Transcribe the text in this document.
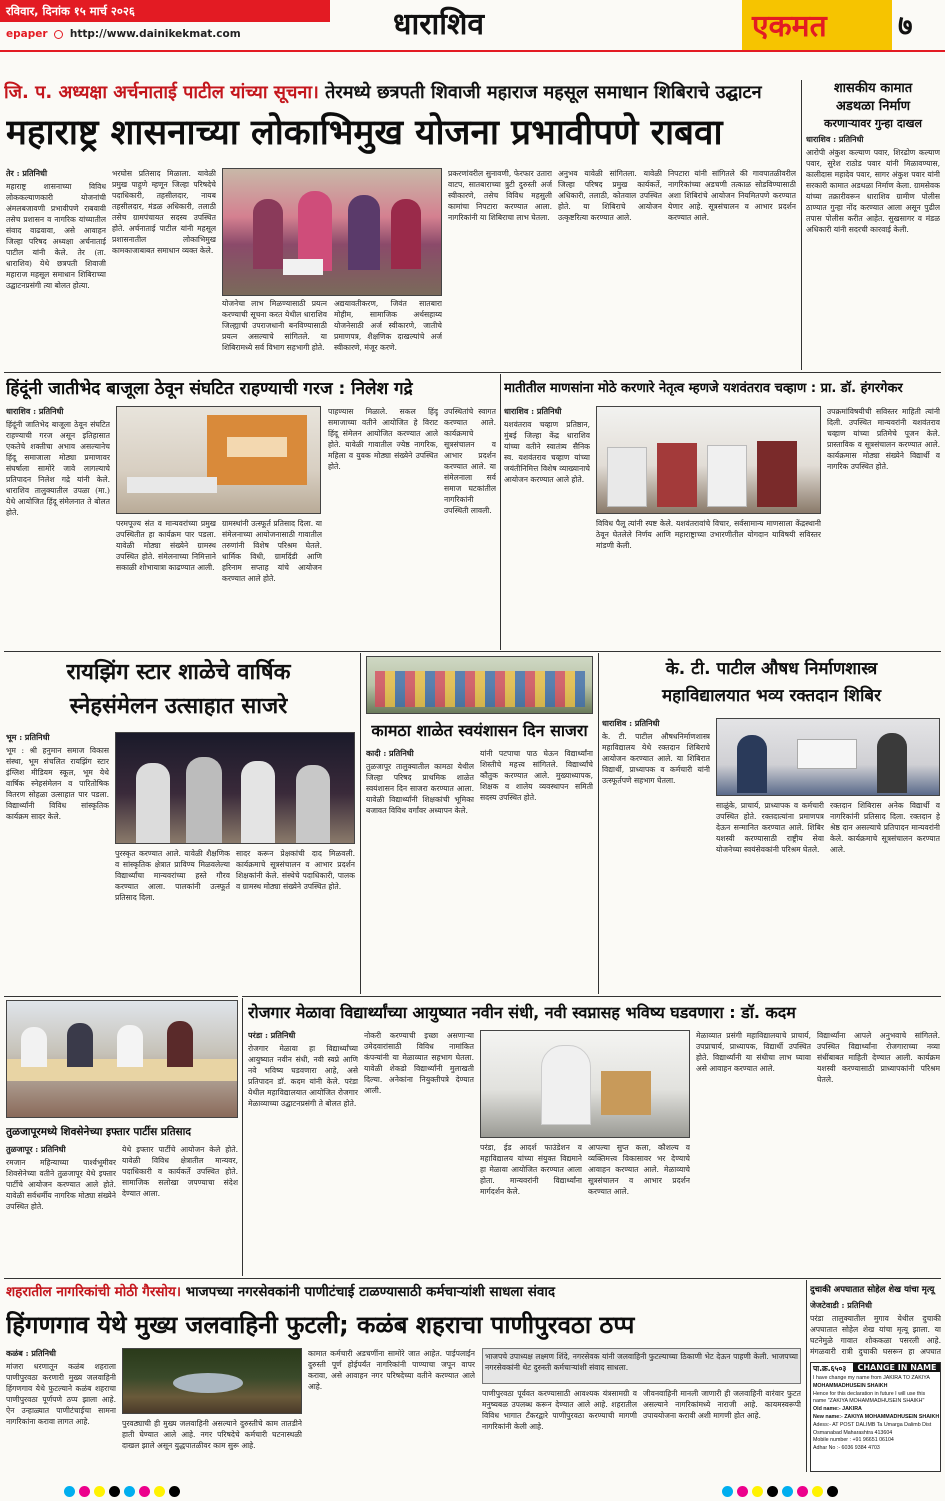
रविवार, दिनांक १५ मार्च २०२६
epaper http://www.dainikekmat.com	धाराशिव	एकमत	७
जि. प. अध्यक्षा अर्चनाताई पाटील यांच्या सूचना। तेरमध्ये छत्रपती शिवाजी महाराज महसूल समाधान शिबिराचे उद्घाटन
महाराष्ट्र शासनाच्या लोकाभिमुख योजना प्रभावीपणे राबवा
तेर : प्रतिनिधी
महाराष्ट्र शासनाच्या विविध लोककल्याणकारी योजनांची अंमलबजावणी प्रभावीपणे राबवावी तसेच प्रशासन व नागरिक यांच्यातील संवाद वाढवावा, असे आवाहन जिल्हा परिषद अध्यक्षा अर्चनाताई पाटील यांनी केले. तेर (ता. धाराशिव) येथे छत्रपती शिवाजी महाराज महसूल समाधान शिबिराच्या उद्घाटनप्रसंगी त्या बोलत होत्या.
भरघोस प्रतिसाद मिळाला. यावेळी प्रमुख पाहुणे म्हणून जिल्हा परिषदेचे पदाधिकारी, तहसीलदार, नायब तहसीलदार, मंडळ अधिकारी, तलाठी तसेच ग्रामपंचायत सदस्य उपस्थित होते. अर्चनाताई पाटील यांनी महसूल प्रशासनातील लोकाभिमुख कामकाजाबाबत समाधान व्यक्त केले.
योजनेचा लाभ मिळण्यासाठी प्रयत्न करण्याची सूचना करत येथील धाराशिव जिल्ह्याची उपराजधानी बनविण्यासाठी प्रयत्न असल्याचे सांगितले. या शिबिरामध्ये सर्व विभाग सहभागी होते.
अद्ययावतीकरण, जिवंत सातबारा मोहीम, सामाजिक अर्थसहाय्य योजनेसाठी अर्ज स्वीकारणे, जातीचे प्रमाणपत्र, शैक्षणिक दाखल्यांचे अर्ज स्वीकारणे, मंजूर करणे.
प्रकरणांवरील सुनावणी, फेरफार उतारा वाटप, सातबाराच्या त्रुटी दुरुस्ती अर्ज स्वीकारणे, तसेच विविध महसुली कामांचा निपटारा करण्यात आला. नागरिकांनी या शिबिराचा लाभ घेतला.
अनुभव यावेळी सांगितला. यावेळी जिल्हा परिषद प्रमुख कार्यकर्ते, अधिकारी, तलाठी, कोतवाल उपस्थित होते. या शिबिराचे आयोजन उत्कृष्टरित्या करण्यात आले.
निपटारा यांनी सांगितले की गावपातळीवरील नागरिकांच्या अडचणी तत्काळ सोडविण्यासाठी अशा शिबिरांचे आयोजन नियमितपणे करण्यात येणार आहे. सूत्रसंचालन व आभार प्रदर्शन करण्यात आले.
शासकीय कामात
अडथळा निर्माण
करणाऱ्यावर गुन्हा दाखल
धाराशिव : प्रतिनिधी
आरोपी अंकुश कल्याण पवार, शिरढोण कल्याण पवार, सुरेश राठोड पवार यांनी मिळावण्यास, कालीदास महादेव पवार, सागर अंकुश पवार यांनी सरकारी कामात अडथळा निर्माण केला. ग्रामसेवक यांच्या तक्रारीवरून धाराशिव ग्रामीण पोलीस ठाण्यात गुन्हा नोंद करण्यात आला असून पुढील तपास पोलीस करीत आहेत. सुखसागर व मंडळ अधिकारी यांनी सदरची कारवाई केली.
हिंदूंनी जातीभेद बाजूला ठेवून संघटित राहण्याची गरज : निलेश गद्रे
धाराशिव : प्रतिनिधी
हिंदूंनी जातिभेद बाजूला ठेवून संघटित राहण्याची गरज असून इतिहासात एकतेचे शक्तीचा अभाव असल्यानेच हिंदू समाजाला मोठ्या प्रमाणावर संघर्षाला सामोरे जावे लागल्याचे प्रतिपादन निलेश गद्रे यांनी केले. धाराशिव तालुक्यातील उपळा (मा.) येथे आयोजित हिंदू संमेलनात ते बोलत होते.
परमपूज्य संत व मान्यवरांच्या प्रमुख उपस्थितीत हा कार्यक्रम पार पडला. यावेळी मोठ्या संख्येने ग्रामस्थ उपस्थित होते. संमेलनाच्या निमित्ताने सकाळी शोभायात्रा काढण्यात आली.
ग्रामस्थांनी उत्स्फूर्त प्रतिसाद दिला. या संमेलनाच्या आयोजनासाठी गावातील तरुणांनी विशेष परिश्रम घेतले. धार्मिक विधी, ग्रामदिंडी आणि हरिनाम सप्ताह यांचे आयोजन करण्यात आले होते.
पाहण्यास मिळाले. सकल हिंदू समाजाच्या वतीने आयोजित हे विराट हिंदू संमेलन आयोजित करण्यात आले होते. यावेळी गावातील ज्येष्ठ नागरिक, महिला व युवक मोठ्या संख्येने उपस्थित होते.
उपस्थितांचे स्वागत करण्यात आले. कार्यक्रमाचे सूत्रसंचालन व आभार प्रदर्शन करण्यात आले. या संमेलनाला सर्व समाज घटकांतील नागरिकांनी उपस्थिती लावली.
मातीतील माणसांना मोठे करणारे नेतृत्व म्हणजे यशवंतराव चव्हाण : प्रा. डॉ. हंगरगेकर
धाराशिव : प्रतिनिधी
यशवंतराव चव्हाण प्रतिष्ठान, मुंबई जिल्हा केंद्र धाराशिव यांच्या वतीने स्वातंत्र्य सैनिक स्व. यशवंतराव चव्हाण यांच्या जयंतीनिमित्त विशेष व्याख्यानाचे आयोजन करण्यात आले होते.
विविध पैलू त्यांनी स्पष्ट केले. यशवंतरावांचे विचार, सर्वसामान्य माणसाला केंद्रस्थानी ठेवून घेतलेले निर्णय आणि महाराष्ट्राच्या उभारणीतील योगदान याविषयी सविस्तर मांडणी केली.
उपक्रमांविषयीची सविस्तर माहिती त्यांनी दिली. उपस्थित मान्यवरांनी यशवंतराव चव्हाण यांच्या प्रतिमेचे पूजन केले. प्रास्ताविक व सूत्रसंचालन करण्यात आले. कार्यक्रमास मोठ्या संख्येने विद्यार्थी व नागरिक उपस्थित होते.
रायझिंग स्टार शाळेचे वार्षिक
स्नेहसंमेलन उत्साहात साजरे
भूम : प्रतिनिधी
भूम : श्री हनुमान समाज विकास संस्था, भूम संचलित रायझिंग स्टार इंग्लिश मीडियम स्कूल, भूम येथे वार्षिक स्नेहसंमेलन व पारितोषिक वितरण सोहळा उत्साहात पार पडला. विद्यार्थ्यांनी विविध सांस्कृतिक कार्यक्रम सादर केले.
पुरस्कृत करण्यात आले. यावेळी शैक्षणिक व सांस्कृतिक क्षेत्रात प्राविण्य मिळवलेल्या विद्यार्थ्यांचा मान्यवरांच्या हस्ते गौरव करण्यात आला. पालकांनी उत्स्फूर्त प्रतिसाद दिला.
सादर करून प्रेक्षकांची दाद मिळवली. कार्यक्रमाचे सूत्रसंचालन व आभार प्रदर्शन शिक्षकांनी केले. संस्थेचे पदाधिकारी, पालक व ग्रामस्थ मोठ्या संख्येने उपस्थित होते.
कामठा शाळेत स्वयंशासन दिन साजरा
कादी : प्रतिनिधी
तुळजापूर तालुक्यातील कामठा येथील जिल्हा परिषद प्राथमिक शाळेत स्वयंशासन दिन साजरा करण्यात आला. यावेळी विद्यार्थ्यांनी शिक्षकांची भूमिका बजावत विविध वर्गांवर अध्यापन केले.
यांनी पटपाचा पाठ घेऊन विद्यार्थ्यांना शिस्तीचे महत्त्व सांगितले. विद्यार्थ्यांचे कौतुक करण्यात आले. मुख्याध्यापक, शिक्षक व शालेय व्यवस्थापन समिती सदस्य उपस्थित होते.
के. टी. पाटील औषध निर्माणशास्त्र
महाविद्यालयात भव्य रक्तदान शिबिर
धाराशिव : प्रतिनिधी
के. टी. पाटील औषधनिर्माणशास्त्र महाविद्यालय येथे रक्तदान शिबिराचे आयोजन करण्यात आले. या शिबिरात विद्यार्थी, प्राध्यापक व कर्मचारी यांनी उत्स्फूर्तपणे सहभाग घेतला.
साळुंके, प्राचार्य, प्राध्यापक व कर्मचारी उपस्थित होते. रक्तदात्यांना प्रमाणपत्र देऊन सन्मानित करण्यात आले. शिबिर यशस्वी करण्यासाठी राष्ट्रीय सेवा योजनेच्या स्वयंसेवकांनी परिश्रम घेतले.
रक्तदान शिबिरास अनेक विद्यार्थी व नागरिकांनी प्रतिसाद दिला. रक्तदान हे श्रेष्ठ दान असल्याचे प्रतिपादन मान्यवरांनी केले. कार्यक्रमाचे सूत्रसंचालन करण्यात आले.
तुळजापूरमध्ये शिवसेनेच्या इफ्तार पार्टीस प्रतिसाद
तुळजापूर : प्रतिनिधी
रमजान महिन्याच्या पार्श्वभूमीवर शिवसेनेच्या वतीने तुळजापूर येथे इफ्तार पार्टीचे आयोजन करण्यात आले होते. यावेळी सर्वधर्मीय नागरिक मोठ्या संख्येने उपस्थित होते.
येथे इफ्तार पार्टीचे आयोजन केले होते. यावेळी विविध क्षेत्रातील मान्यवर, पदाधिकारी व कार्यकर्ते उपस्थित होते. सामाजिक सलोखा जपण्याचा संदेश देण्यात आला.
रोजगार मेळावा विद्यार्थ्यांच्या आयुष्यात नवीन संधी, नवी स्वप्नासह भविष्य घडवणारा : डॉ. कदम
परंडा : प्रतिनिधी
रोजगार मेळावा हा विद्यार्थ्यांच्या आयुष्यात नवीन संधी, नवी स्वप्ने आणि नवे भविष्य घडवणारा आहे, असे प्रतिपादन डॉ. कदम यांनी केले. परंडा येथील महाविद्यालयात आयोजित रोजगार मेळाव्याच्या उद्घाटनप्रसंगी ते बोलत होते.
नोकरी करण्याची इच्छा असणाऱ्या उमेदवारांसाठी विविध नामांकित कंपन्यांनी या मेळाव्यात सहभाग घेतला. यावेळी शेकडो विद्यार्थ्यांनी मुलाखती दिल्या. अनेकांना नियुक्तीपत्रे देण्यात आली.
परंडा, ईड आदर्श फाउंडेशन व महाविद्यालय यांच्या संयुक्त विद्यमाने हा मेळावा आयोजित करण्यात आला होता. मान्यवरांनी विद्यार्थ्यांना मार्गदर्शन केले.
आपल्या सुप्त कला, कौशल्य व व्यक्तिमत्त्व विकासावर भर देण्याचे आवाहन करण्यात आले. मेळाव्याचे सूत्रसंचालन व आभार प्रदर्शन करण्यात आले.
मेळाव्यात प्रसंगी महाविद्यालयाचे प्राचार्य, उपप्राचार्य, प्राध्यापक, विद्यार्थी उपस्थित होते. विद्यार्थ्यांनी या संधीचा लाभ घ्यावा असे आवाहन करण्यात आले.
विद्यार्थ्यांना आपले अनुभवाचे सांगितले. उपस्थित विद्यार्थ्यांना रोजगाराच्या नव्या संधींबाबत माहिती देण्यात आली. कार्यक्रम यशस्वी करण्यासाठी प्राध्यापकांनी परिश्रम घेतले.
शहरातील नागरिकांची मोठी गैरसोय। भाजपच्या नगरसेवकांनी पाणीटंचाई टाळण्यासाठी कर्मचाऱ्यांशी साधला संवाद
हिंगणगाव येथे मुख्य जलवाहिनी फुटली; कळंब शहराचा पाणीपुरवठा ठप्प
कळंब : प्रतिनिधी
मांजरा धरणातून कळंब शहराला पाणीपुरवठा करणारी मुख्य जलवाहिनी हिंगणगाव येथे फुटल्याने कळंब शहराचा पाणीपुरवठा पूर्णपणे ठप्प झाला आहे. ऐन उन्हाळ्यात पाणीटंचाईचा सामना नागरिकांना करावा लागत आहे.	पुरवठ्याची ही मुख्य जलवाहिनी असल्याने दुरुस्तीचे काम तातडीने हाती घेण्यात आले आहे. नगर परिषदेचे कर्मचारी घटनास्थळी दाखल झाले असून युद्धपातळीवर काम सुरू आहे.
कामात कर्मचारी अडचणींना सामोरे जात आहेत. पाईपलाईन दुरुस्ती पूर्ण होईपर्यंत नागरिकांनी पाण्याचा जपून वापर करावा, असे आवाहन नगर परिषदेच्या वतीने करण्यात आले आहे.
भाजपचे उपाध्यक्ष लक्ष्मण शिंदे, नगरसेवक यांनी जलवाहिनी फुटल्याच्या ठिकाणी भेट देऊन पाहणी केली. भाजपच्या नगरसेवकांनी थेट दुरुस्ती कर्मचाऱ्यांशी संवाद साधला.
पाणीपुरवठा पूर्ववत करण्यासाठी आवश्यक यंत्रसामग्री व मनुष्यबळ उपलब्ध करून देण्यात आले आहे. शहरातील विविध भागात टँकरद्वारे पाणीपुरवठा करण्याची मागणी नागरिकांनी केली आहे.
जीवनवाहिनी मानली जाणारी ही जलवाहिनी वारंवार फुटत असल्याने नागरिकांमध्ये नाराजी आहे. कायमस्वरूपी उपाययोजना करावी अशी मागणी होत आहे.
दुचाकी अपघातात सोहेल शेख यांचा मृत्यू
जेजटेवाडी : प्रतिनिधी
परंडा तालुक्यातील मुगाव येथील दुचाकी अपघातात सोहेल शेख यांचा मृत्यू झाला. या घटनेमुळे गावात शोककळा पसरली आहे. मंगळवारी रात्री दुचाकी घसरून हा अपघात
पा.क्र.६५०३	CHANGE IN NAME
I have change my name from JAKIRA TO ZAKIYA
MOHAMMADHUSEIN SHAIKH
Hence for this declaration in future I will use this
name "ZAKIYA MOHAMMADHUSEIN SHAIKH"
Old name:- JAKIRA
New name:- ZAKIYA MOHAMMADHUSEIN SHAIKH
Adess:- AT POST DALIMB Ta Umarga Dalimb Dist
Osmanabad Maharashtra 413604
Mobile number : +91 96651 06104
Adhar No :- 6036 9384 4703
